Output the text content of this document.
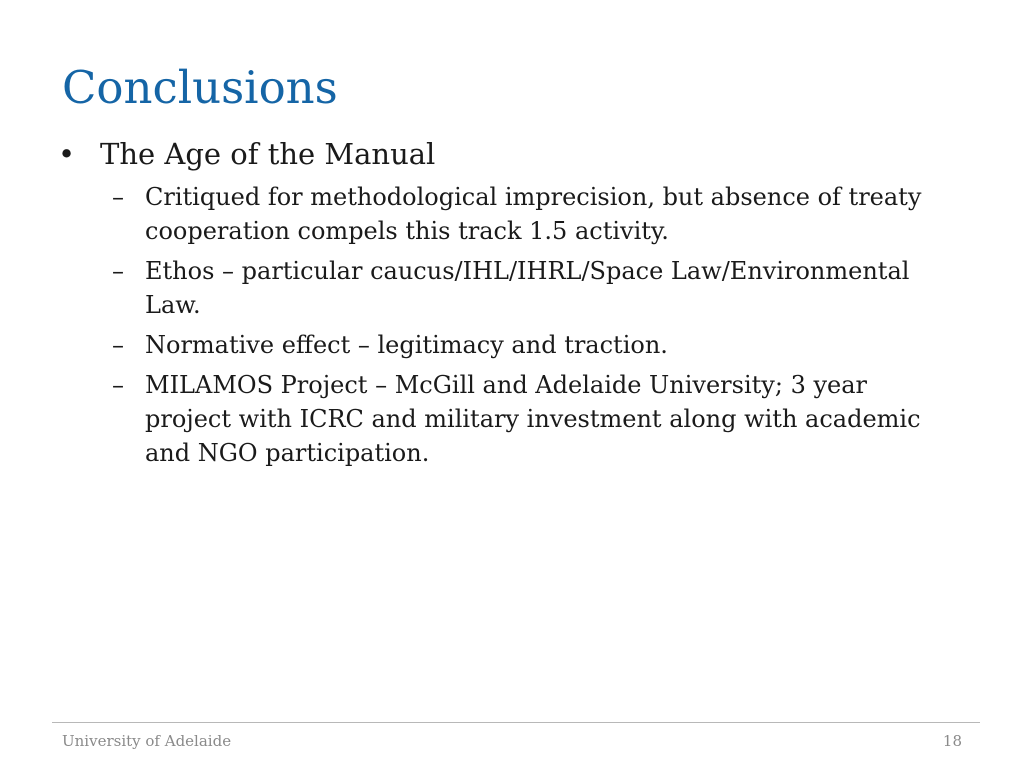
Conclusions
• The Age of the Manual
– Critiqued for methodological imprecision, but absence of treaty cooperation compels this track 1.5 activity.
– Ethos – particular caucus/IHL/IHRL/Space Law/Environmental Law.
– Normative effect – legitimacy and traction.
– MILAMOS Project – McGill and Adelaide University; 3 year project with ICRC and military investment along with academic and NGO participation.
University of Adelaide	18
